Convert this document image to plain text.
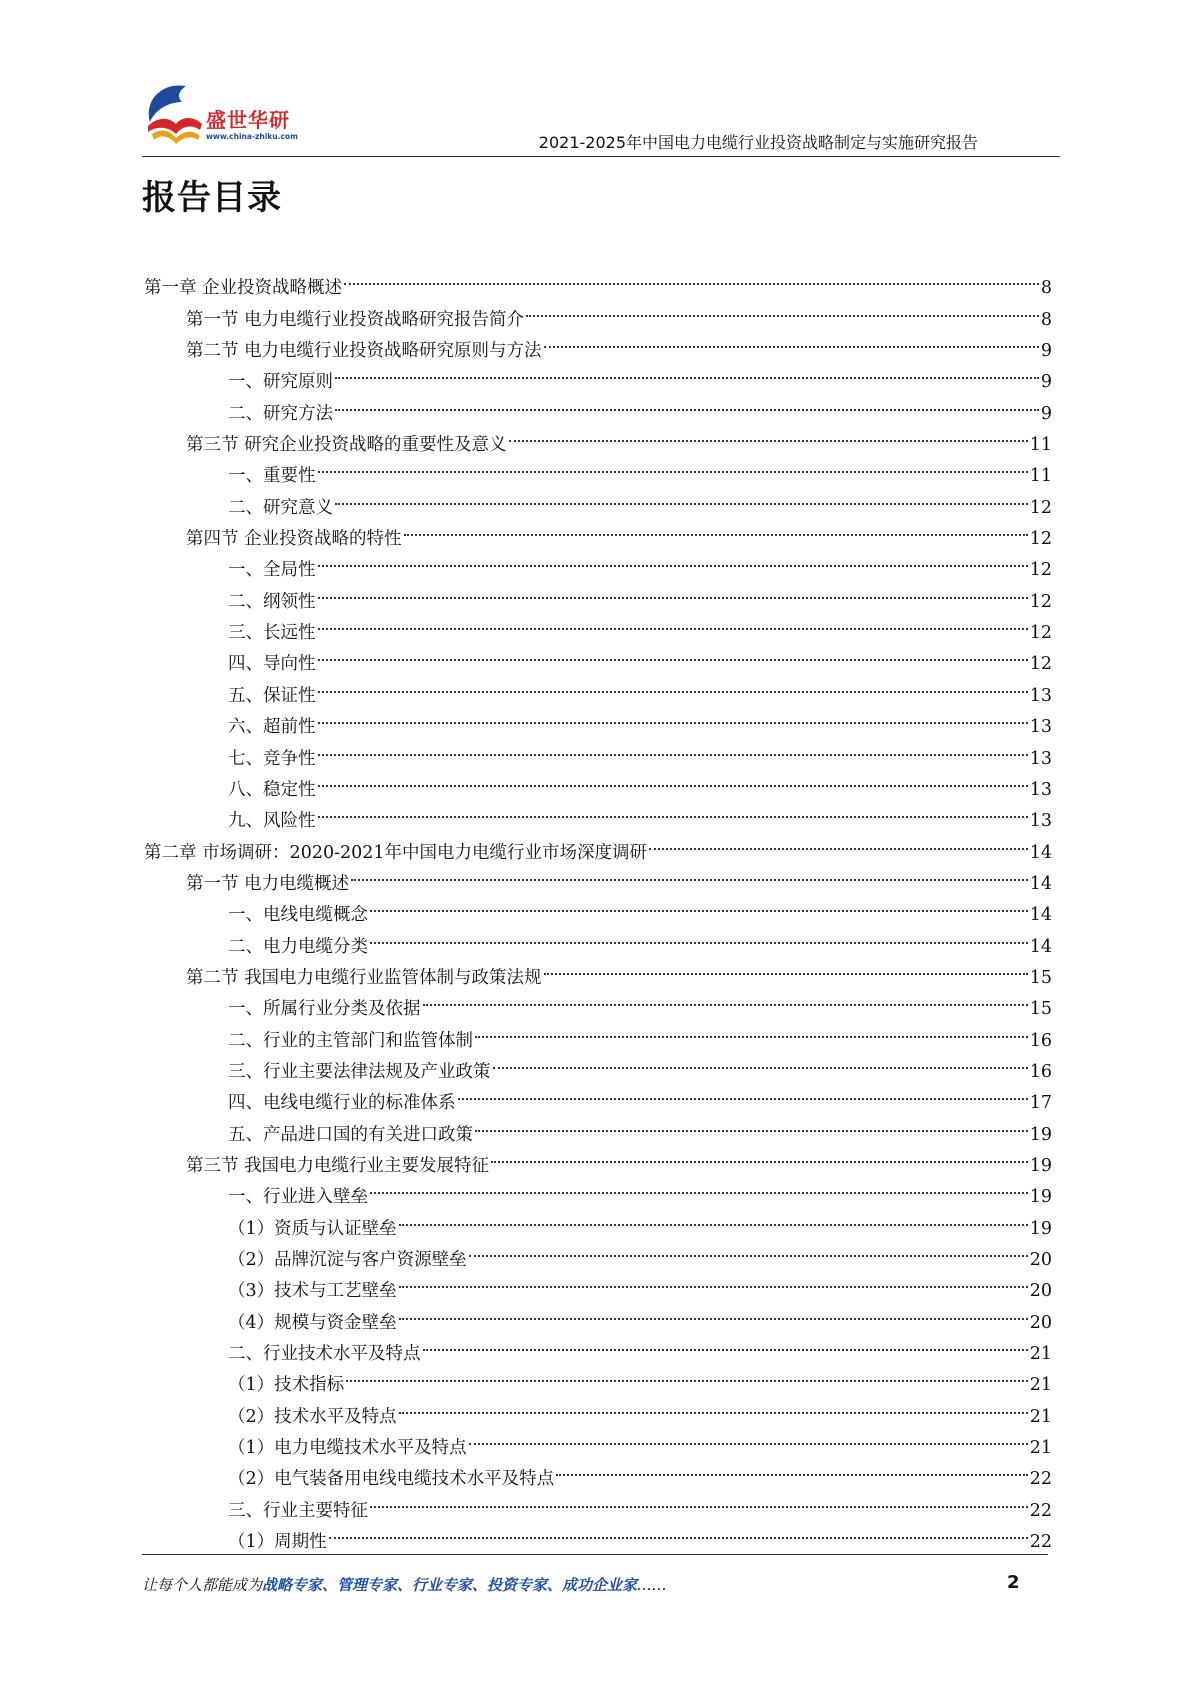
盛世华研
www.china-zhiku.com	2021-2025年中国电力电缆行业投资战略制定与实施研究报告
报告目录
第一章 企业投资战略概述	8
第一节 电力电缆行业投资战略研究报告简介	8
第二节 电力电缆行业投资战略研究原则与方法	9
一、研究原则	9
二、研究方法	9
第三节 研究企业投资战略的重要性及意义	11
一、重要性	11
二、研究意义	12
第四节 企业投资战略的特性	12
一、全局性	12
二、纲领性	12
三、长远性	12
四、导向性	12
五、保证性	13
六、超前性	13
七、竞争性	13
八、稳定性	13
九、风险性	13
第二章 市场调研：2020-2021年中国电力电缆行业市场深度调研	14
第一节 电力电缆概述	14
一、电线电缆概念	14
二、电力电缆分类	14
第二节 我国电力电缆行业监管体制与政策法规	15
一、所属行业分类及依据	15
二、行业的主管部门和监管体制	16
三、行业主要法律法规及产业政策	16
四、电线电缆行业的标准体系	17
五、产品进口国的有关进口政策	19
第三节 我国电力电缆行业主要发展特征	19
一、行业进入壁垒	19
（1）资质与认证壁垒	19
（2）品牌沉淀与客户资源壁垒	20
（3）技术与工艺壁垒	20
（4）规模与资金壁垒	20
二、行业技术水平及特点	21
（1）技术指标	21
（2）技术水平及特点	21
（1）电力电缆技术水平及特点	21
（2）电气装备用电线电缆技术水平及特点	22
三、行业主要特征	22
（1）周期性	22
让每个人都能成为战略专家、管理专家、行业专家、投资专家、成功企业家……	2
